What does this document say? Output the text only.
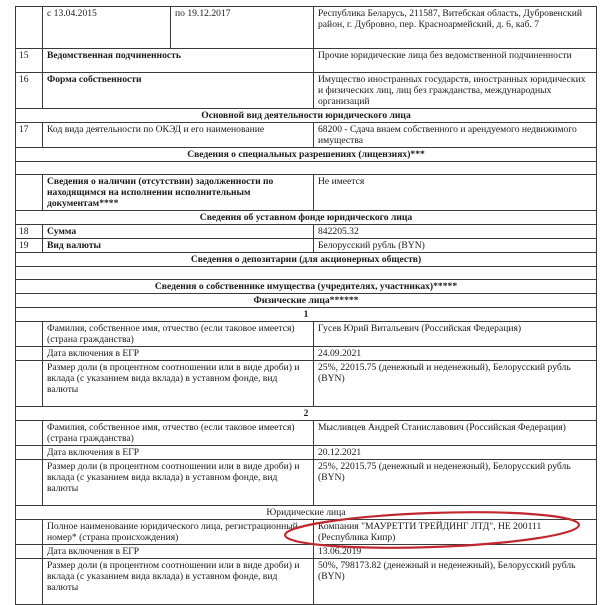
	с 13.04.2015	по 19.12.2017	Республика Беларусь, 211587, Витебская область, Дубровенский район, г. Дубровно, пер. Красноармейский, д. 6, каб. 7
15	Ведомственная подчиненность		Прочие юридические лица без ведомственной подчиненности
16	Форма собственности		Имущество иностранных государств, иностранных юридических и физических лиц, лиц без гражданства, международных организаций
Основной вид деятельности юридического лица			
17	Код вида деятельности по ОКЭД и его наименование		68200 - Сдача внаем собственного и арендуемого недвижимого имущества
Сведения о специальных разрешениях (лицензиях)***			

	Сведения о наличии (отсутствии) задолженности по находящимся на исполнении исполнительным документам****		Не имеется
Сведения об уставном фонде юридического лица			
18	Сумма		842205.32
19	Вид валюты		Белорусский рубль (BYN)
Сведения о депозитарии (для акционерных обществ)			

Сведения о собственнике имущества (учредителях, участниках)*****			
Физические лица******			
1			
	Фамилия, собственное имя, отчество (если таковое имеется) (страна гражданства)		Гусев Юрий Витальевич (Российская Федерация)
	Дата включения в ЕГР		24.09.2021
	Размер доли (в процентном соотношении или в виде дроби) и вклада (с указанием вида вклада) в уставном фонде, вид валюты		25%, 22015.75 (денежный и неденежный), Белорусский рубль (BYN)
2			
	Фамилия, собственное имя, отчество (если таковое имеется) (страна гражданства)		Мысливцев Андрей Станиславович (Российская Федерация)
	Дата включения в ЕГР		20.12.2021
	Размер доли (в процентном соотношении или в виде дроби) и вклада (с указанием вида вклада) в уставном фонде, вид валюты		25%, 22015.75 (денежный и неденежный), Белорусский рубль (BYN)
Юридические лица			
	Полное наименование юридического лица, регистрационный номер* (страна происхождения)		Компания "МАУРЕТТИ ТРЕЙДИНГ ЛТД", НЕ 200111 (Республика Кипр)
	Дата включения в ЕГР		13.06.2019
	Размер доли (в процентном соотношении или в виде дроби) и вклада (с указанием вида вклада) в уставном фонде, вид валюты		50%, 798173.82 (денежный и неденежный), Белорусский рубль (BYN)
